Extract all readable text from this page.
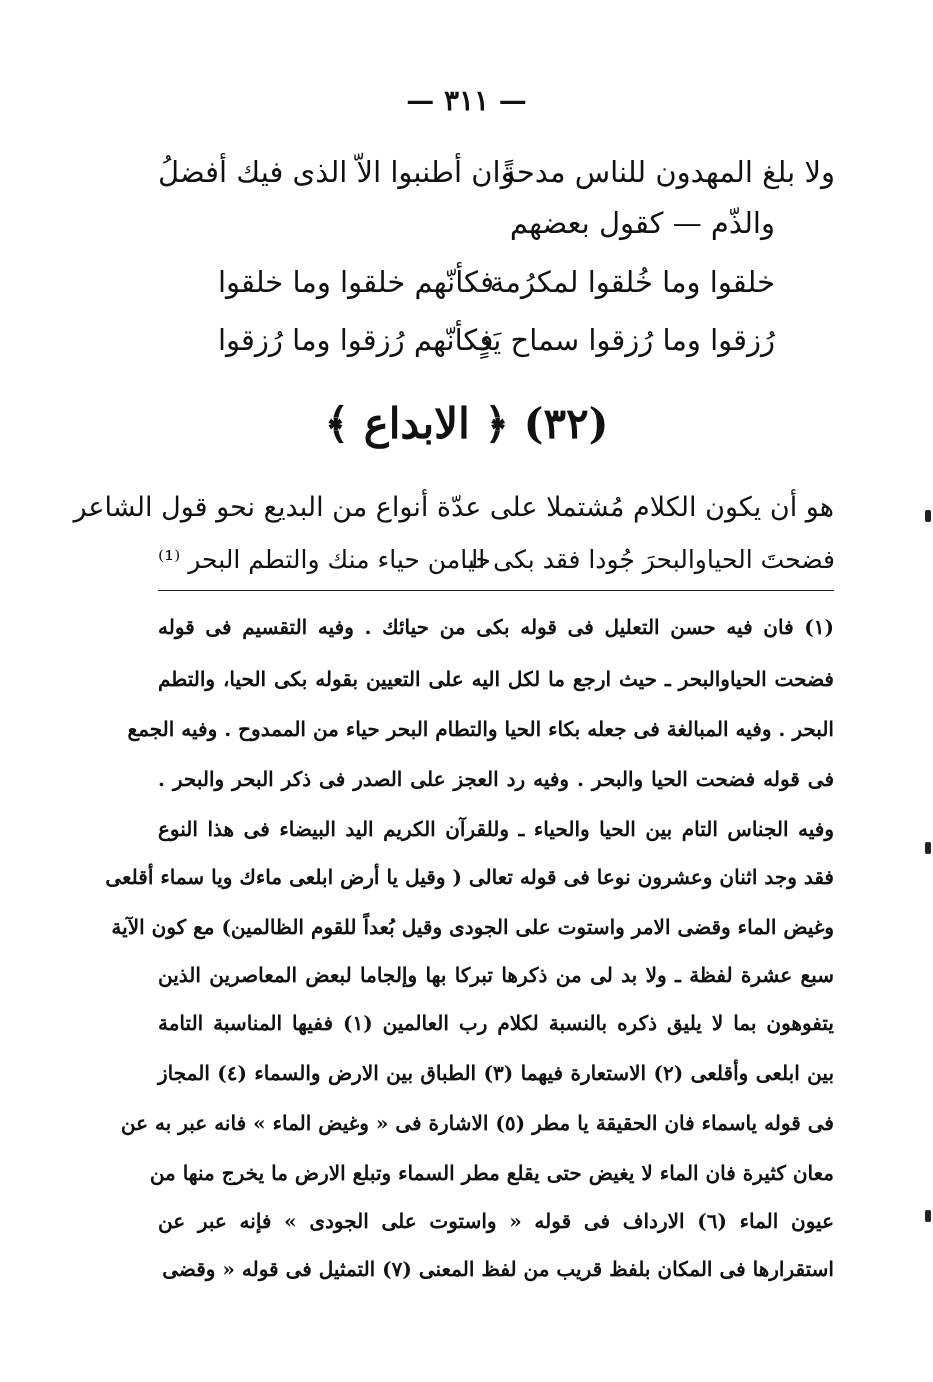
— ٣١١ —
ولا بلغ المهدون للناس مدحةً
وان أطنبوا الاّ الذى فيك أفضلُ
والذّم — كقول بعضهم
خلقوا وما خُلقوا لمكرُمة
فكأنّهم خلقوا وما خلقوا
رُزقوا وما رُزقوا سماح يَدٍ
فكأنّهم رُزقوا وما رُزقوا
(٣٢) ﴿ الابداع ﴾
هو أن يكون الكلام مُشتملا على عدّة أنواع من البديع نحو قول الشاعر
فضحتَ الحياوالبحرَ جُودا فقد بكى الـ
حيامن حياء منك والتطم البحر ⁽¹⁾
(١) فان فيه حسن التعليل فى قوله بكى من حيائك . وفيه التقسيم فى قوله
فضحت الحياوالبحر ـ حيث ارجع ما لكل اليه على التعيين بقوله بكى الحيا، والتطم
البحر . وفيه المبالغة فى جعله بكاء الحيا والتطام البحر حياء من الممدوح . وفيه الجمع
فى قوله فضحت الحيا والبحر . وفيه رد العجز على الصدر فى ذكر البحر والبحر .
وفيه الجناس التام بين الحيا والحياء ـ وللقرآن الكريم اليد البيضاء فى هذا النوع
فقد وجد اثنان وعشرون نوعا فى قوله تعالى ( وقيل يا أرض ابلعى ماءك ويا سماء أقلعى
وغيض الماء وقضى الامر واستوت على الجودى وقيل بُعداً للقوم الظالمين) مع كون الآية
سبع عشرة لفظة ـ ولا بد لى من ذكرها تبركا بها وإلجاما لبعض المعاصرين الذين
يتفوهون بما لا يليق ذكره بالنسبة لكلام رب العالمين (١) ففيها المناسبة التامة
بين ابلعى وأقلعى (٢) الاستعارة فيهما (٣) الطباق بين الارض والسماء (٤) المجاز
فى قوله ياسماء فان الحقيقة يا مطر (٥) الاشارة فى « وغيض الماء » فانه عبر به عن
معان كثيرة فان الماء لا يغيض حتى يقلع مطر السماء وتبلع الارض ما يخرج منها من
عيون الماء (٦) الارداف فى قوله « واستوت على الجودى » فإنه عبر عن
استقرارها فى المكان بلفظ قريب من لفظ المعنى (٧) التمثيل فى قوله « وقضى
